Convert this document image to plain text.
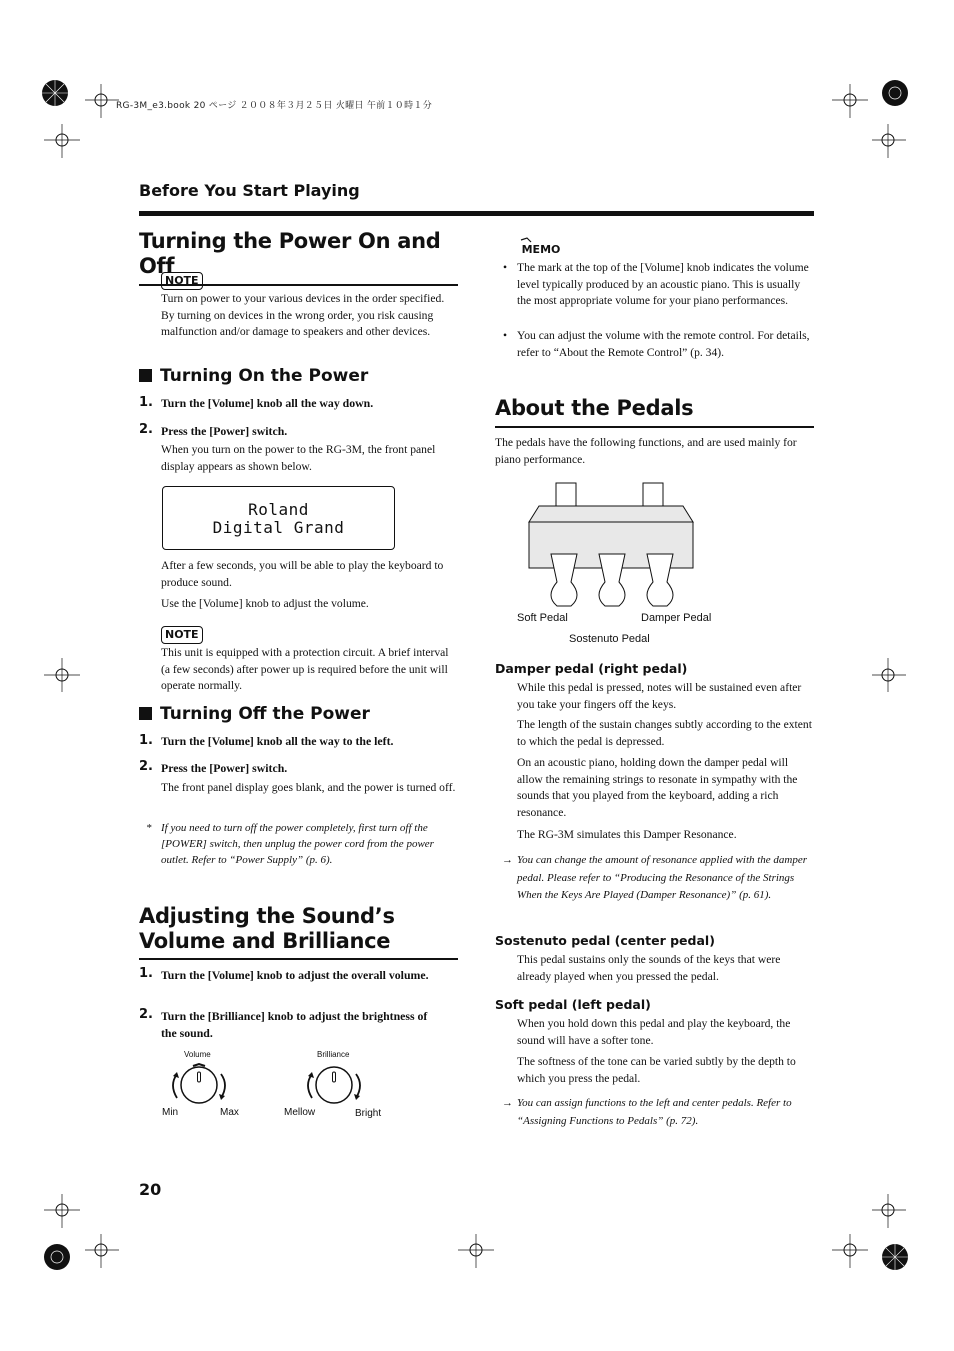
RG-3M_e3.book 20 ページ ２００８年３月２５日 火曜日 午前１０時１分
Before You Start Playing
Turning the Power On and Off
NOTE
Turn on power to your various devices in the order specified. By turning on devices in the wrong order, you risk causing malfunction and/or damage to speakers and other devices.
Turning On the Power
1. Turn the [Volume] knob all the way down.
2. Press the [Power] switch.
When you turn on the power to the RG-3M, the front panel display appears as shown below.
Roland
Digital Grand
After a few seconds, you will be able to play the keyboard to produce sound.
Use the [Volume] knob to adjust the volume.
NOTE
This unit is equipped with a protection circuit. A brief interval (a few seconds) after power up is required before the unit will operate normally.
Turning Off the Power
1. Turn the [Volume] knob all the way to the left.
2. Press the [Power] switch.
The front panel display goes blank, and the power is turned off.
* If you need to turn off the power completely, first turn off the [POWER] switch, then unplug the power cord from the power outlet. Refer to “Power Supply” (p. 6).
Adjusting the Sound’s Volume and Brilliance
1. Turn the [Volume] knob to adjust the overall volume.
2. Turn the [Brilliance] knob to adjust the brightness of the sound.
Volume
Min	Max
Brilliance
Mellow	Bright
MEMO
• The mark at the top of the [Volume] knob indicates the volume level typically produced by an acoustic piano. This is usually the most appropriate volume for your piano performances.
• You can adjust the volume with the remote control. For details, refer to “About the Remote Control” (p. 34).
About the Pedals
The pedals have the following functions, and are used mainly for piano performance.
Soft Pedal	Damper Pedal
Sostenuto Pedal
Damper pedal (right pedal)
While this pedal is pressed, notes will be sustained even after you take your fingers off the keys.
The length of the sustain changes subtly according to the extent to which the pedal is depressed.
On an acoustic piano, holding down the damper pedal will allow the remaining strings to resonate in sympathy with the sounds that you played from the keyboard, adding a rich resonance.
The RG-3M simulates this Damper Resonance.
→ You can change the amount of resonance applied with the damper pedal. Please refer to “Producing the Resonance of the Strings When the Keys Are Played (Damper Resonance)” (p. 61).
Sostenuto pedal (center pedal)
This pedal sustains only the sounds of the keys that were already played when you pressed the pedal.
Soft pedal (left pedal)
When you hold down this pedal and play the keyboard, the sound will have a softer tone.
The softness of the tone can be varied subtly by the depth to which you press the pedal.
→ You can assign functions to the left and center pedals. Refer to “Assigning Functions to Pedals” (p. 72).
20
